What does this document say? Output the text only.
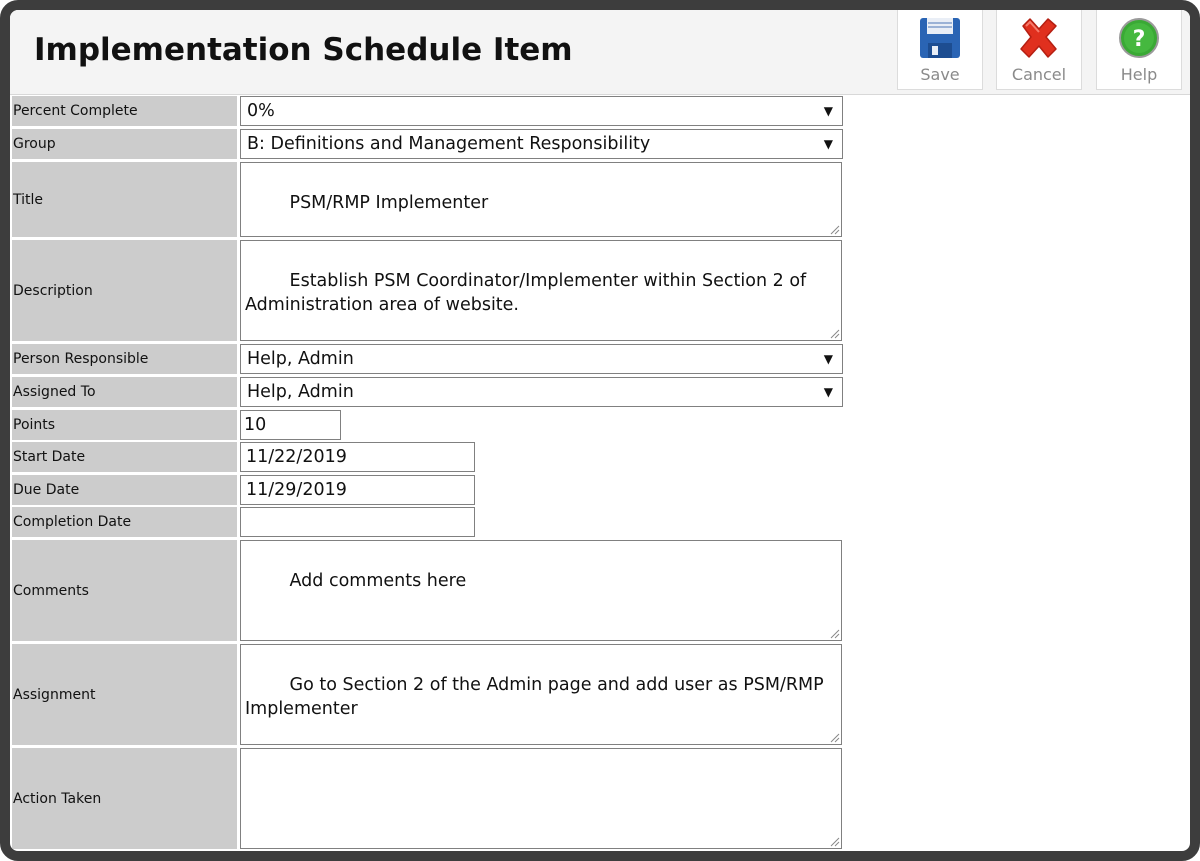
Implementation Schedule Item
Save	Cancel
?
Help
Percent Complete	0%	▼
Group	B: Definitions and Management Responsibility	▼
Title	PSM/RMP Implementer

Description	Establish PSM Coordinator/Implementer within Section 2 of Administration area of website.

Person Responsible	Help, Admin	▼
Assigned To	Help, Admin	▼
Points	10
Start Date	11/22/2019
Due Date	11/29/2019
Completion Date
Comments	Add comments here

Assignment	Go to Section 2 of the Admin page and add user as PSM/RMP Implementer

Action Taken
